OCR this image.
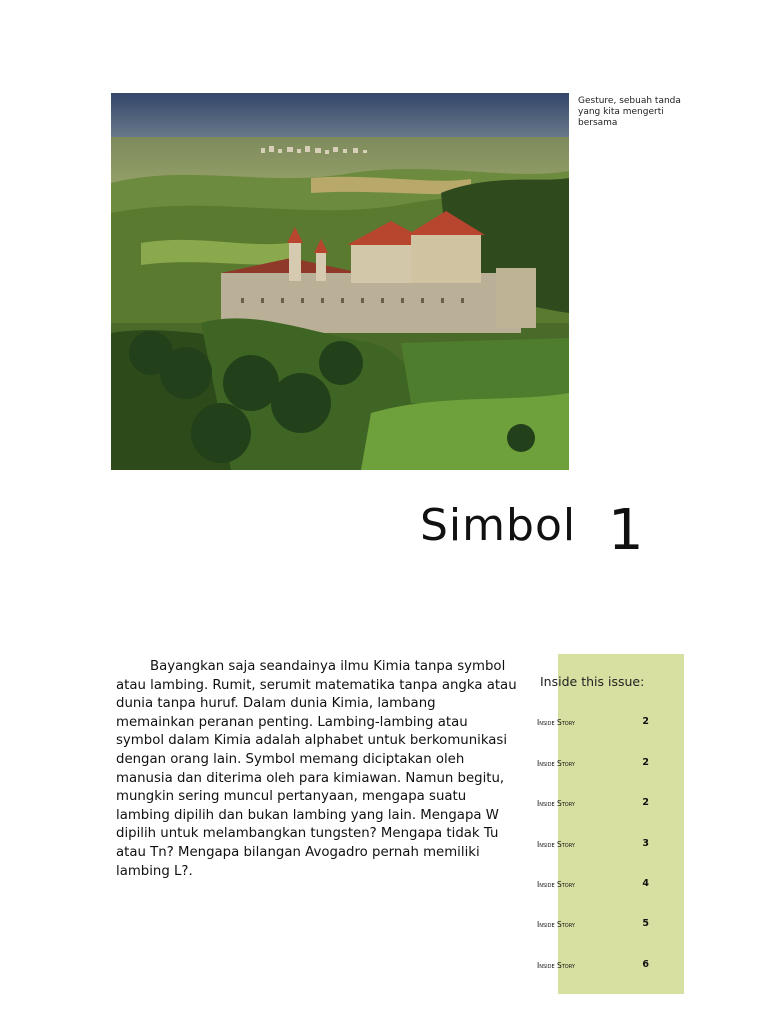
Gesture, sebuah tanda yang kita mengerti bersama
Simbol 1

Bayangkan saja seandainya ilmu Kimia tanpa symbol atau lambing. Rumit, serumit matematika tanpa angka atau dunia tanpa huruf. Dalam dunia Kimia, lambang memainkan peranan penting. Lambing-lambing atau symbol dalam Kimia adalah alphabet untuk berkomunikasi dengan orang lain. Symbol memang diciptakan oleh manusia dan diterima oleh para kimiawan. Namun begitu, mungkin sering muncul pertanyaan, mengapa suatu lambing dipilih dan bukan lambing yang lain. Mengapa W dipilih untuk melambangkan tungsten? Mengapa tidak Tu atau Tn? Mengapa bilangan Avogadro pernah memiliki lambing L?.

Inside this issue:
Inside Story	2
Inside Story	2
Inside Story	2
Inside Story	3
Inside Story	4
Inside Story	5
Inside Story	6
